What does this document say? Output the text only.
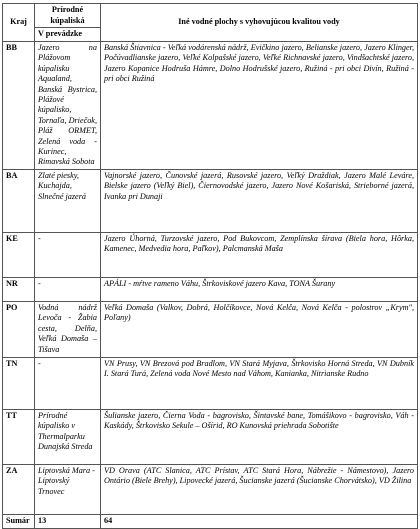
Kraj	Prírodné kúpaliská	Iné vodné plochy s vyhovujúcou kvalitou vody
	V prevádzke	
BB	Jazero na Plážovom kúpalisku Aqualand, Banská Bystrica, Plážové kúpalisko, Tornaľa, Driečok, Pláž ORMET, Zelená voda - Kurinec, Rimavská Sobota	Banská Štiavnica - Veľká vodárenská nádrž, Evičkino jazero, Belianske jazero, Jazero Klinger, Počúvadlianske jazero, Veľké Kolpašské jazero, Veľké Richnavské jazero, Vindšachtské jazero, Jazero Kopanice Hodruša Hámre, Dolno Hodrušské jazero, Ružiná - pri obci Divín, Ružiná - pri obci Ružiná
BA	Zlaté piesky, Kuchajda, Slnečné jazerá	Vajnorské jazero, Čunovské jazerá, Rusovské jazero, Veľký Draždiak, Jazero Malé Leváre, Bielske jazero (Veľký Biel), Čiernovodské jazero, Jazero Nové Košariská, Strieborné jazerá, Ivanka pri Dunaji
KE	-	Jazero Úhorná, Turzovské jazero, Pod Bukovcom, Zemplínska šírava (Biela hora, Hôrka, Kamenec, Medvedia hora, Paľkov), Palcmanská Maša
NR	-	APÁLI - mŕtve rameno Váhu, Štrkoviskové jazero Kava, TONA Šurany
PO	Vodná nádrž Levoča - Žabia cesta, Delňa, Veľká Domaša – Tišava	Veľká Domaša (Valkov, Dobrá, Holčíkovce, Nová Kelča, Nová Kelča - polostrov „Krym", Poľany)
TN	-	VN Prusy, VN Brezová pod Bradlom, VN Stará Myjava, Štrkovisko Horná Streda, VN Dubník I. Stará Turá, Zelená voda Nové Mesto nad Váhom, Kanianka, Nitrianske Rudno
TT	Prírodné kúpalisko v Thermalparku Dunajská Streda	Šulianske jazero, Čierna Voda - bagrovisko, Šintavské bane, Tomášikovo - bagrovisko, Váh - Kaskády, Štrkovisko Sekule – Ošírid, RO Kunovská priehrada Sobotište
ZA	Liptovská Mara - Liptovský Trnovec	VD Orava (ATC Slanica, ATC Prístav, ATC Stará Hora, Nábrežie - Námestovo), Jazero Ontário (Biele Brehy), Lipovecké jazerá, Šucianske jazerá (Šucianske Chorvátsko), VD Žilina
Sumár	13	64
